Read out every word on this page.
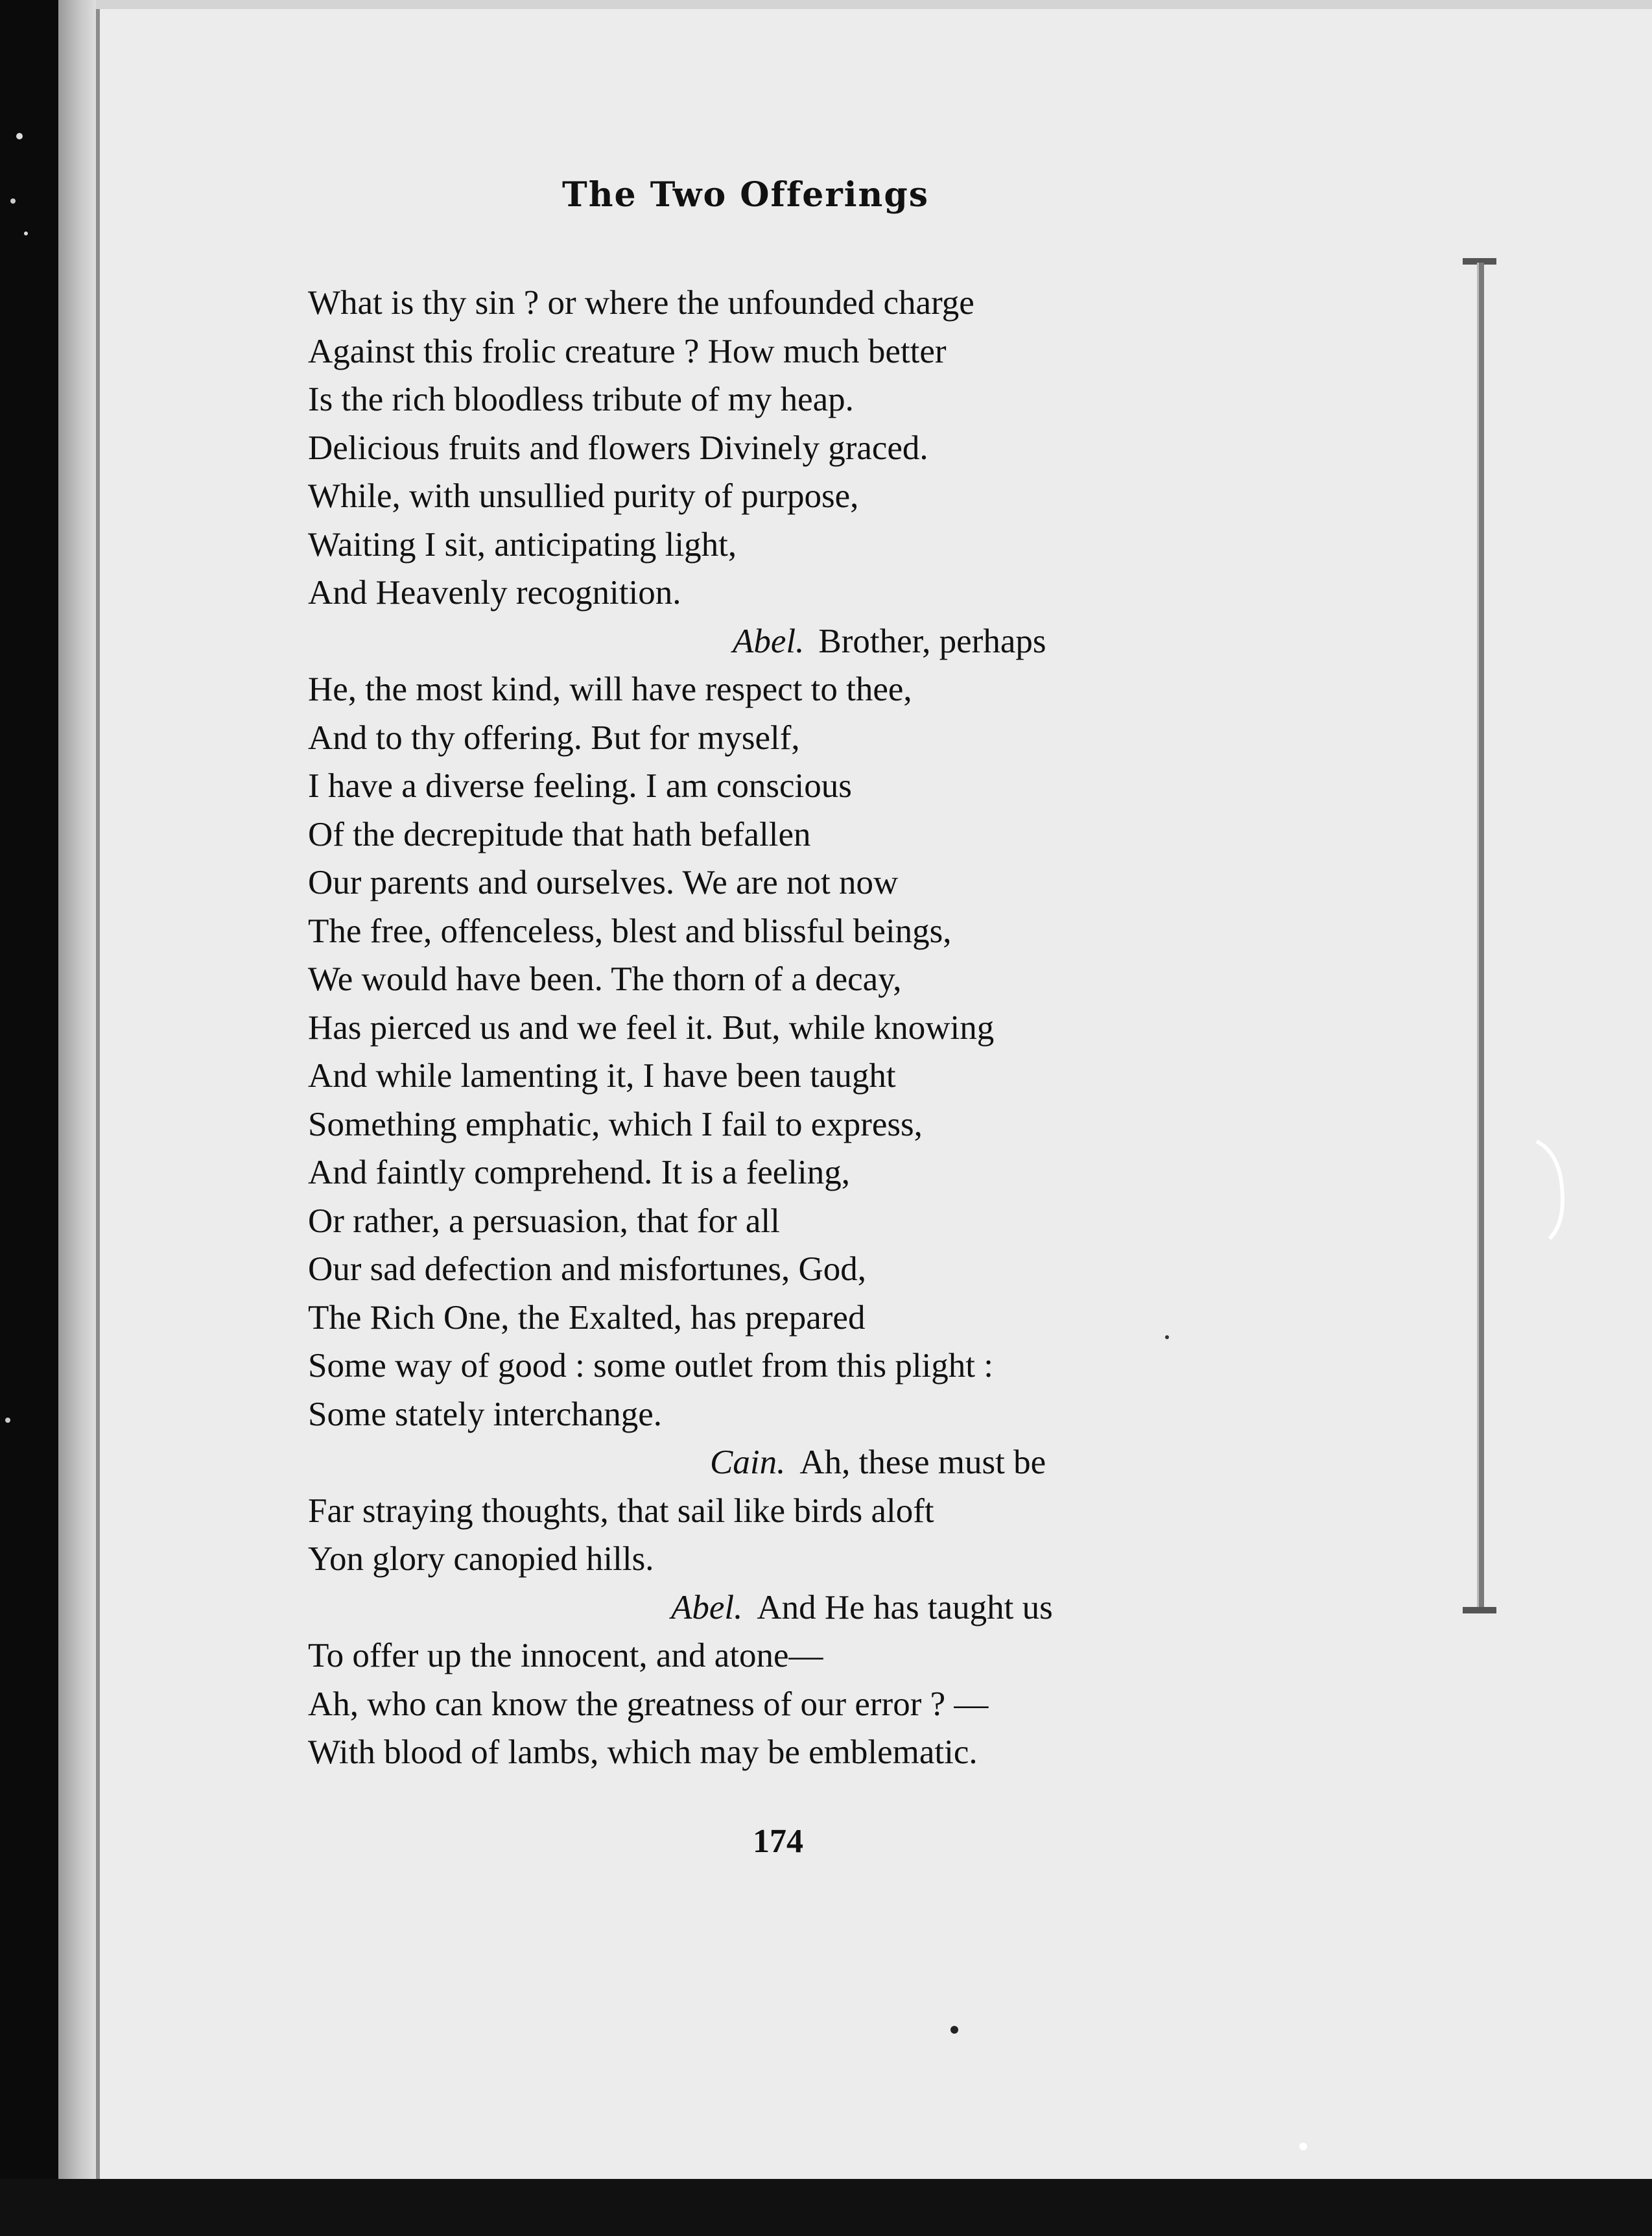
The Two Offerings
What is thy sin ? or where the unfounded charge
Against this frolic creature ? How much better
Is the rich bloodless tribute of my heap.
Delicious fruits and flowers Divinely graced.
While, with unsullied purity of purpose,
Waiting I sit, anticipating light,
And Heavenly recognition.
Abel. Brother, perhaps
He, the most kind, will have respect to thee,
And to thy offering. But for myself,
I have a diverse feeling. I am conscious
Of the decrepitude that hath befallen
Our parents and ourselves. We are not now
The free, offenceless, blest and blissful beings,
We would have been. The thorn of a decay,
Has pierced us and we feel it. But, while knowing
And while lamenting it, I have been taught
Something emphatic, which I fail to express,
And faintly comprehend. It is a feeling,
Or rather, a persuasion, that for all
Our sad defection and misfortunes, God,
The Rich One, the Exalted, has prepared
Some way of good : some outlet from this plight :
Some stately interchange.
Cain. Ah, these must be
Far straying thoughts, that sail like birds aloft
Yon glory canopied hills.
Abel. And He has taught us
To offer up the innocent, and atone—
Ah, who can know the greatness of our error ? —
With blood of lambs, which may be emblematic.
174
